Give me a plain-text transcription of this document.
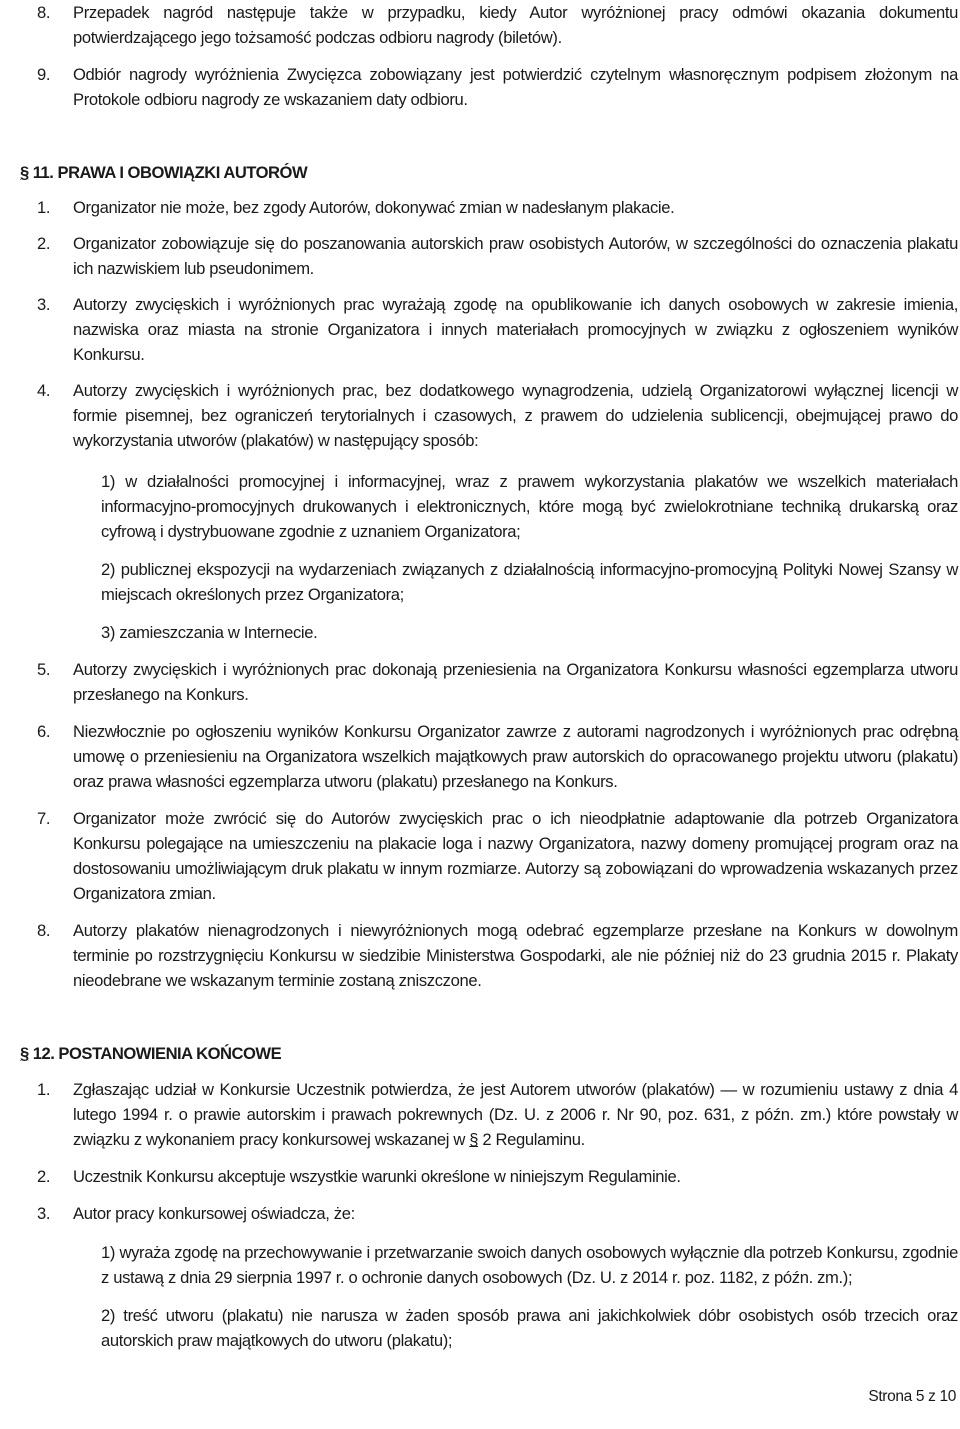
8. Przepadek nagród następuje także w przypadku, kiedy Autor wyróżnionej pracy odmówi okazania dokumentu potwierdzającego jego tożsamość podczas odbioru nagrody (biletów).
9. Odbiór nagrody wyróżnienia Zwycięzca zobowiązany jest potwierdzić czytelnym własnoręcznym podpisem złożonym na Protokole odbioru nagrody ze wskazaniem daty odbioru.
§ 11. PRAWA I OBOWIĄZKI AUTORÓW
1. Organizator nie może, bez zgody Autorów, dokonywać zmian w nadesłanym plakacie.
2. Organizator zobowiązuje się do poszanowania autorskich praw osobistych Autorów, w szczególności do oznaczenia plakatu ich nazwiskiem lub pseudonimem.
3. Autorzy zwycięskich i wyróżnionych prac wyrażają zgodę na opublikowanie ich danych osobowych w zakresie imienia, nazwiska oraz miasta na stronie Organizatora i innych materiałach promocyjnych w związku z ogłoszeniem wyników Konkursu.
4. Autorzy zwycięskich i wyróżnionych prac, bez dodatkowego wynagrodzenia, udzielą Organizatorowi wyłącznej licencji w formie pisemnej, bez ograniczeń terytorialnych i czasowych, z prawem do udzielenia sublicencji, obejmującej prawo do wykorzystania utworów (plakatów) w następujący sposób:
1) w działalności promocyjnej i informacyjnej, wraz z prawem wykorzystania plakatów we wszelkich materiałach informacyjno-promocyjnych drukowanych i elektronicznych, które mogą być zwielokrotniane techniką drukarską oraz cyfrową i dystrybuowane zgodnie z uznaniem Organizatora;
2) publicznej ekspozycji na wydarzeniach związanych z działalnością informacyjno-promocyjną Polityki Nowej Szansy w miejscach określonych przez Organizatora;
3) zamieszczania w Internecie.
5. Autorzy zwycięskich i wyróżnionych prac dokonają przeniesienia na Organizatora Konkursu własności egzemplarza utworu przesłanego na Konkurs.
6. Niezwłocznie po ogłoszeniu wyników Konkursu Organizator zawrze z autorami nagrodzonych i wyróżnionych prac odrębną umowę o przeniesieniu na Organizatora wszelkich majątkowych praw autorskich do opracowanego projektu utworu (plakatu) oraz prawa własności egzemplarza utworu (plakatu) przesłanego na Konkurs.
7. Organizator może zwrócić się do Autorów zwycięskich prac o ich nieodpłatnie adaptowanie dla potrzeb Organizatora Konkursu polegające na umieszczeniu na plakacie loga i nazwy Organizatora, nazwy domeny promującej program oraz na dostosowaniu umożliwiającym druk plakatu w innym rozmiarze. Autorzy są zobowiązani do wprowadzenia wskazanych przez Organizatora zmian.
8. Autorzy plakatów nienagrodzonych i niewyróżnionych mogą odebrać egzemplarze przesłane na Konkurs w dowolnym terminie po rozstrzygnięciu Konkursu w siedzibie Ministerstwa Gospodarki, ale nie później niż do 23 grudnia 2015 r. Plakaty nieodebrane we wskazanym terminie zostaną zniszczone.
§ 12. POSTANOWIENIA KOŃCOWE
1. Zgłaszając udział w Konkursie Uczestnik potwierdza, że jest Autorem utworów (plakatów) — w rozumieniu ustawy z dnia 4 lutego 1994 r. o prawie autorskim i prawach pokrewnych (Dz. U. z 2006 r. Nr 90, poz. 631, z późn. zm.) które powstały w związku z wykonaniem pracy konkursowej wskazanej w § 2 Regulaminu.
2. Uczestnik Konkursu akceptuje wszystkie warunki określone w niniejszym Regulaminie.
3. Autor pracy konkursowej oświadcza, że:
1) wyraża zgodę na przechowywanie i przetwarzanie swoich danych osobowych wyłącznie dla potrzeb Konkursu, zgodnie z ustawą z dnia 29 sierpnia 1997 r. o ochronie danych osobowych (Dz. U. z 2014 r. poz. 1182, z późn. zm.);
2) treść utworu (plakatu) nie narusza w żaden sposób prawa ani jakichkolwiek dóbr osobistych osób trzecich oraz autorskich praw majątkowych do utworu (plakatu);
Strona 5 z 10
